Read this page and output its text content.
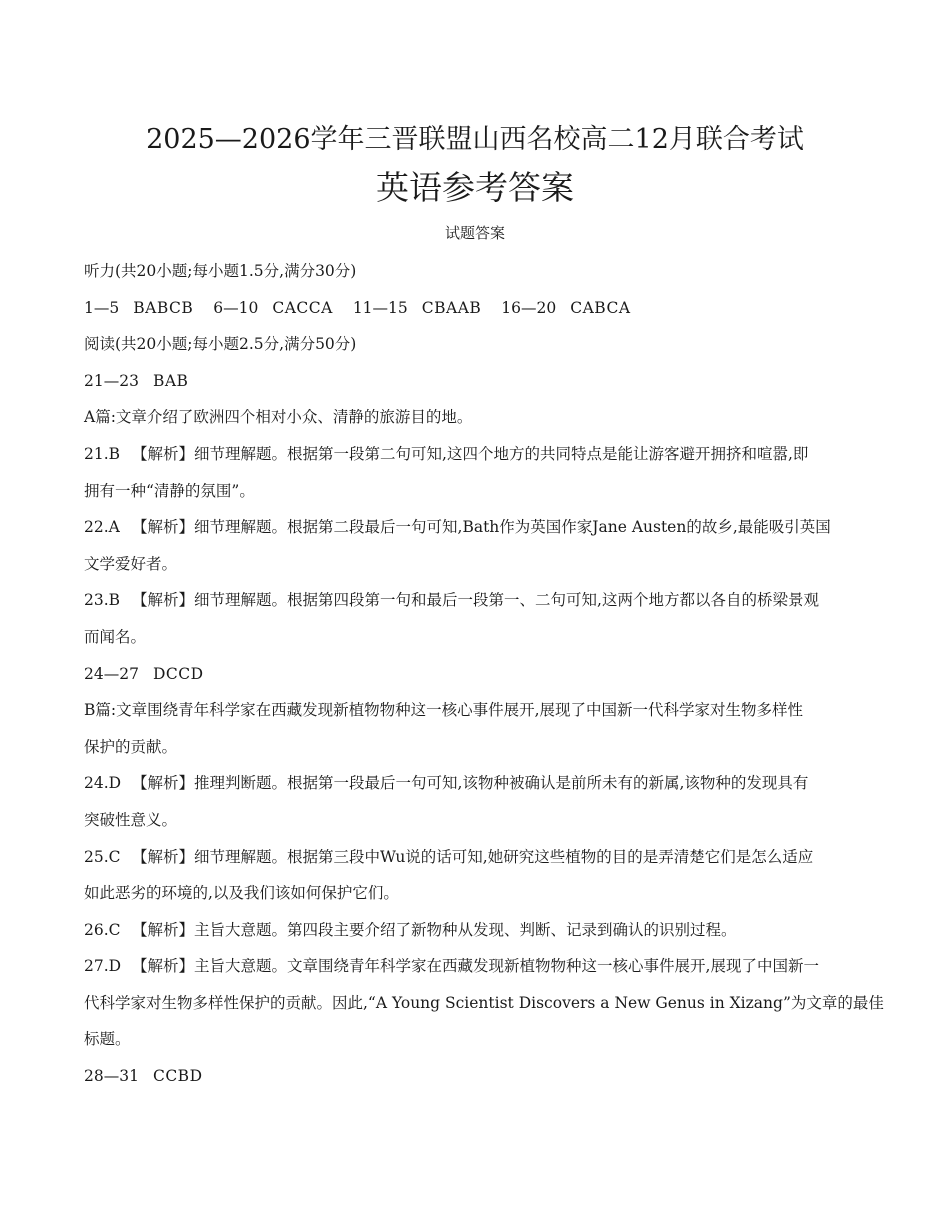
2025—2026学年三晋联盟山西名校高二12月联合考试
英语参考答案
试题答案
听力(共20小题;每小题1.5分,满分30分)
1—5 BABCB 6—10 CACCA 11—15 CBAAB 16—20 CABCA
阅读(共20小题;每小题2.5分,满分50分)
21—23 BAB
A篇:文章介绍了欧洲四个相对小众、清静的旅游目的地。
21.B 【解析】细节理解题。根据第一段第二句可知,这四个地方的共同特点是能让游客避开拥挤和喧嚣,即
拥有一种“清静的氛围”。
22.A 【解析】细节理解题。根据第二段最后一句可知,Bath作为英国作家Jane Austen的故乡,最能吸引英国
文学爱好者。
23.B 【解析】细节理解题。根据第四段第一句和最后一段第一、二句可知,这两个地方都以各自的桥梁景观
而闻名。
24—27 DCCD
B篇:文章围绕青年科学家在西藏发现新植物物种这一核心事件展开,展现了中国新一代科学家对生物多样性
保护的贡献。
24.D 【解析】推理判断题。根据第一段最后一句可知,该物种被确认是前所未有的新属,该物种的发现具有
突破性意义。
25.C 【解析】细节理解题。根据第三段中Wu说的话可知,她研究这些植物的目的是弄清楚它们是怎么适应
如此恶劣的环境的,以及我们该如何保护它们。
26.C 【解析】主旨大意题。第四段主要介绍了新物种从发现、判断、记录到确认的识别过程。
27.D 【解析】主旨大意题。文章围绕青年科学家在西藏发现新植物物种这一核心事件展开,展现了中国新一
代科学家对生物多样性保护的贡献。因此,“A Young Scientist Discovers a New Genus in Xizang”为文章的最佳
标题。
28—31 CCBD
